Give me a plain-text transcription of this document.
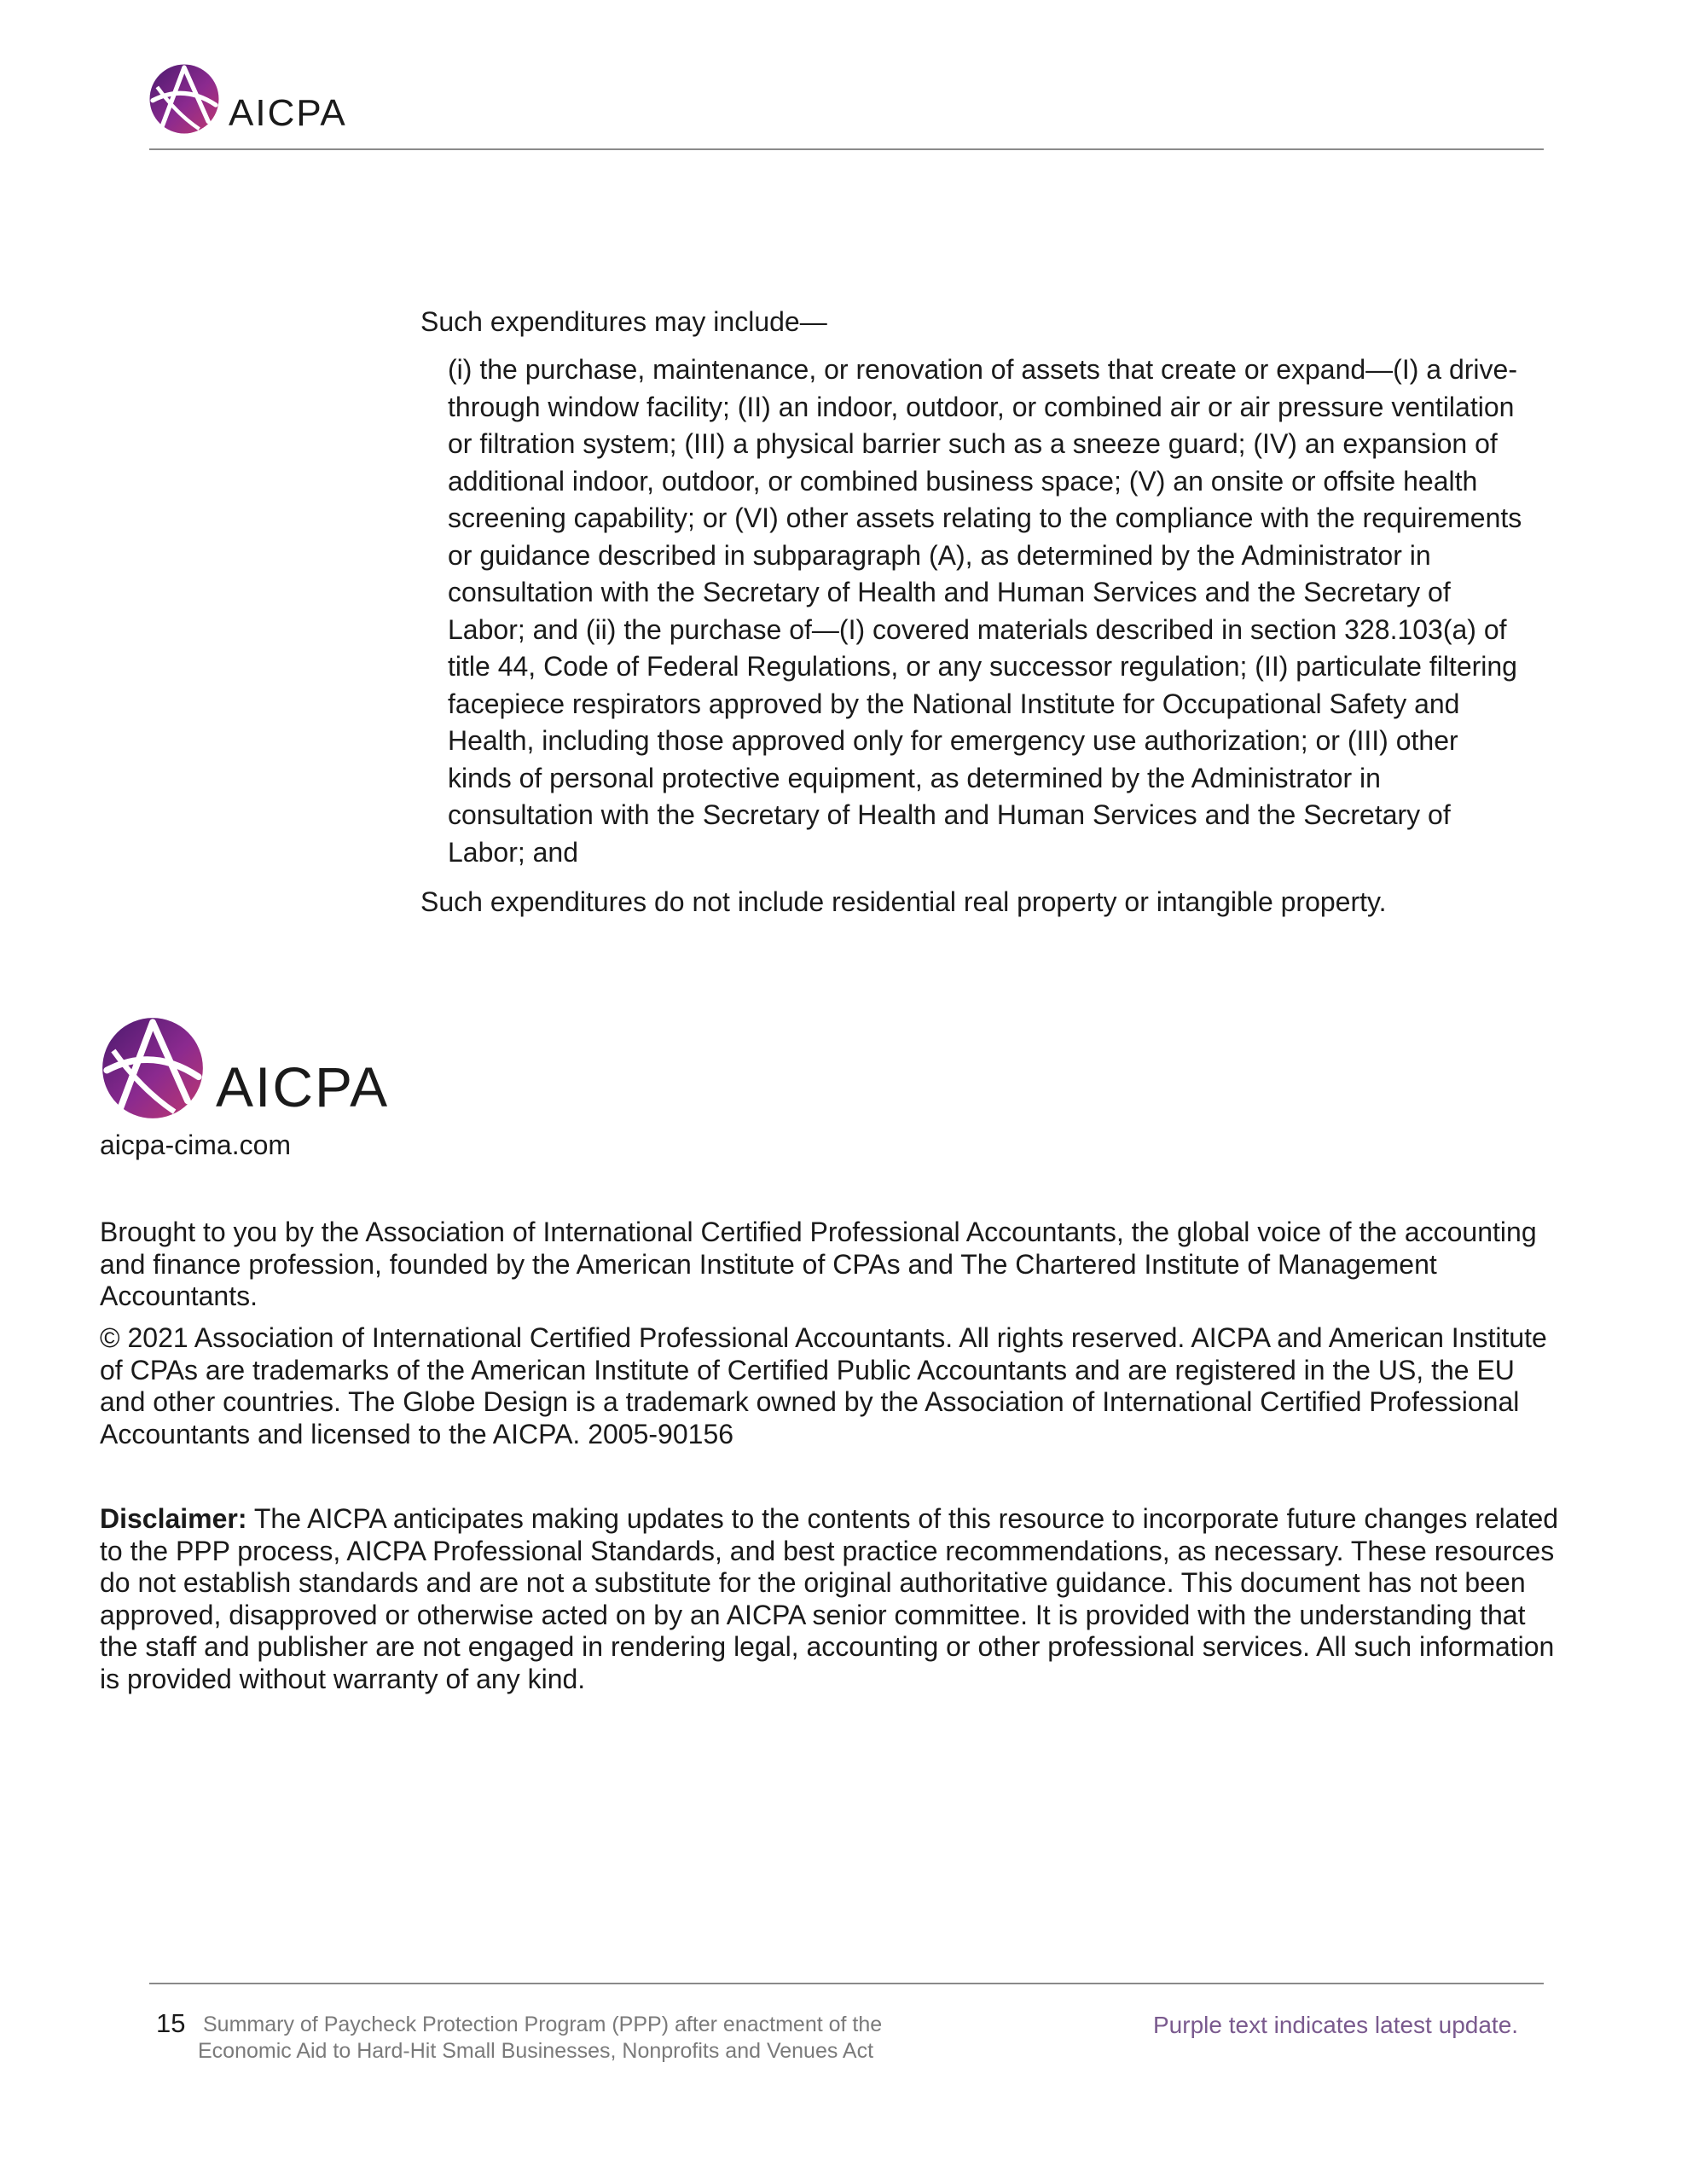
AICPA
Such expenditures may include—
(i) the purchase, maintenance, or renovation of assets that create or expand—(I) a drive- through window facility; (II) an indoor, outdoor, or combined air or air pressure ventilation or filtration system; (III) a physical barrier such as a sneeze guard; (IV) an expansion of additional indoor, outdoor, or combined business space; (V) an onsite or offsite health screening capability; or (VI) other assets relating to the compliance with the requirements or guidance described in subparagraph (A), as determined by the Administrator in consultation with the Secretary of Health and Human Services and the Secretary of Labor; and (ii) the purchase of—(I) covered materials described in section 328.103(a) of title 44, Code of Federal Regulations, or any successor regulation; (II) particulate filtering facepiece respirators approved by the National Institute for Occupational Safety and Health, including those approved only for emergency use authorization; or (III) other kinds of personal protective equipment, as determined by the Administrator in consultation with the Secretary of Health and Human Services and the Secretary of Labor; and
Such expenditures do not include residential real property or intangible property.
AICPA
aicpa-cima.com
Brought to you by the Association of International Certified Professional Accountants, the global voice of the accounting and finance profession, founded by the American Institute of CPAs and The Chartered Institute of Management Accountants.
© 2021 Association of International Certified Professional Accountants. All rights reserved. AICPA and American Institute of CPAs are trademarks of the American Institute of Certified Public Accountants and are registered in the US, the EU and other countries. The Globe Design is a trademark owned by the Association of International Certified Professional Accountants and licensed to the AICPA. 2005-90156
Disclaimer: The AICPA anticipates making updates to the contents of this resource to incorporate future changes related to the PPP process, AICPA Professional Standards, and best practice recommendations, as necessary. These resources do not establish standards and are not a substitute for the original authoritative guidance. This document has not been approved, disapproved or otherwise acted on by an AICPA senior committee. It is provided with the understanding that the staff and publisher are not engaged in rendering legal, accounting or other professional services. All such information is provided without warranty of any kind.
15 Summary of Paycheck Protection Program (PPP) after enactment of the
Economic Aid to Hard-Hit Small Businesses, Nonprofits and Venues Act
Purple text indicates latest update.
